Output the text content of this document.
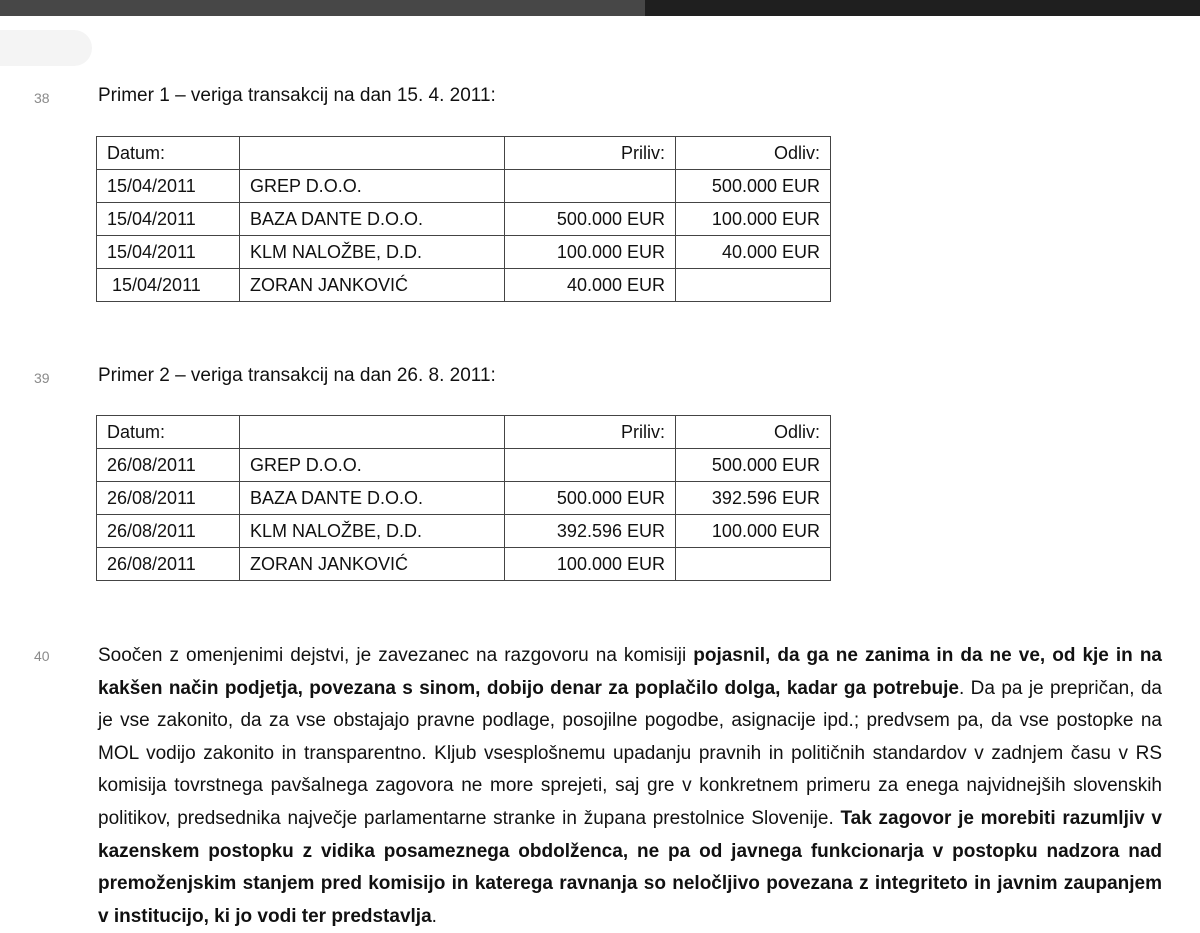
38	Primer 1 – veriga transakcij na dan 15. 4. 2011:
Datum:		Priliv:	Odliv:
15/04/2011	GREP D.O.O.		500.000 EUR
15/04/2011	BAZA DANTE D.O.O.	500.000 EUR	100.000 EUR
15/04/2011	KLM NALOŽBE, D.D.	100.000 EUR	40.000 EUR
15/04/2011	ZORAN JANKOVIĆ	40.000 EUR	
39	Primer 2 – veriga transakcij na dan 26. 8. 2011:
Datum:		Priliv:	Odliv:
26/08/2011	GREP D.O.O.		500.000 EUR
26/08/2011	BAZA DANTE D.O.O.	500.000 EUR	392.596 EUR
26/08/2011	KLM NALOŽBE, D.D.	392.596 EUR	100.000 EUR
26/08/2011	ZORAN JANKOVIĆ	100.000 EUR	
40	Soočen z omenjenimi dejstvi, je zavezanec na razgovoru na komisiji pojasnil, da ga ne zanima in da ne ve, od kje in na kakšen način podjetja, povezana s sinom, dobijo denar za poplačilo dolga, kadar ga potrebuje. Da pa je prepričan, da je vse zakonito, da za vse obstajajo pravne podlage, posojilne pogodbe, asignacije ipd.; predvsem pa, da vse postopke na MOL vodijo zakonito in transparentno. Kljub vsesplošnemu upadanju pravnih in političnih standardov v zadnjem času v RS komisija tovrstnega pavšalnega zagovora ne more sprejeti, saj gre v konkretnem primeru za enega najvidnejših slovenskih politikov, predsednika največje parlamentarne stranke in župana prestolnice Slovenije. Tak zagovor je morebiti razumljiv v kazenskem postopku z vidika posameznega obdolženca, ne pa od javnega funkcionarja v postopku nadzora nad premoženjskim stanjem pred komisijo in katerega ravnanja so neločljivo povezana z integriteto in javnim zaupanjem v institucijo, ki jo vodi ter predstavlja.
